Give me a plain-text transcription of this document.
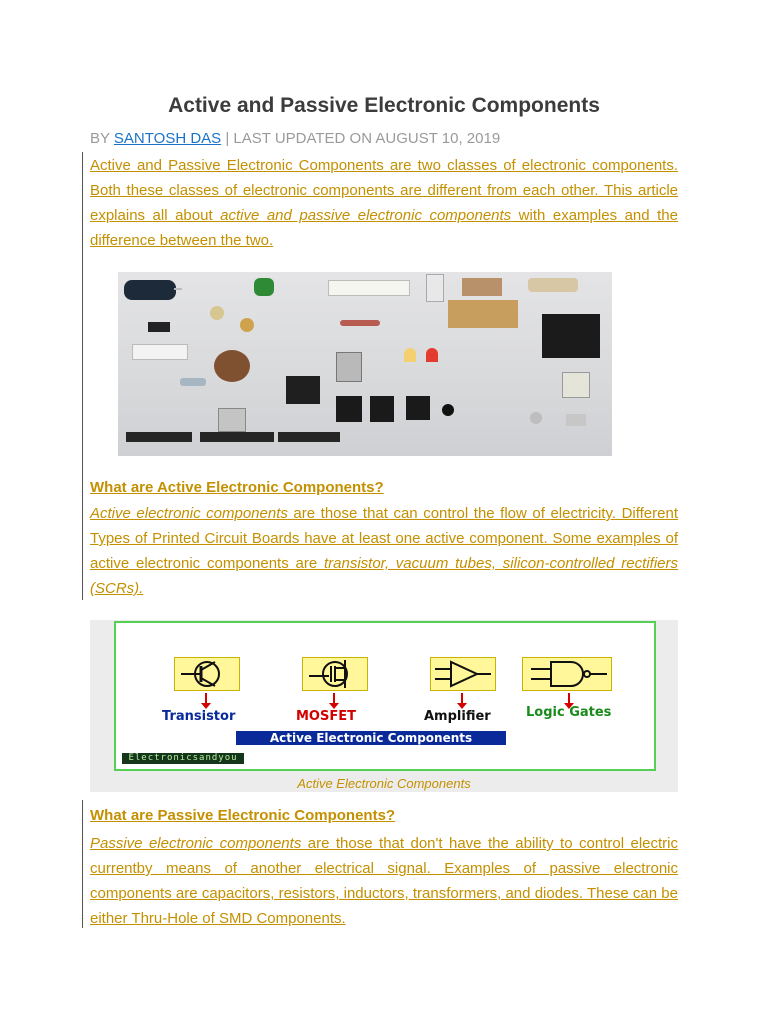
Active and Passive Electronic Components
BY SANTOSH DAS | LAST UPDATED ON AUGUST 10, 2019
Active and Passive Electronic Components are two classes of electronic components. Both these classes of electronic components are different from each other. This article explains all about active and passive electronic components with examples and the difference between the two.
What are Active Electronic Components?
Active electronic components are those that can control the flow of electricity. Different Types of Printed Circuit Boards have at least one active component. Some examples of active electronic components are transistor, vacuum tubes, silicon-controlled rectifiers (SCRs).
Transistor	MOSFET	Amplifier	Logic Gates
Active Electronic Components
Electronicsandyou
Active Electronic Components
What are Passive Electronic Components?
Passive electronic components are those that don't have the ability to control electric currentby means of another electrical signal. Examples of passive electronic components are capacitors, resistors, inductors, transformers, and diodes. These can be either Thru-Hole of SMD Components.
